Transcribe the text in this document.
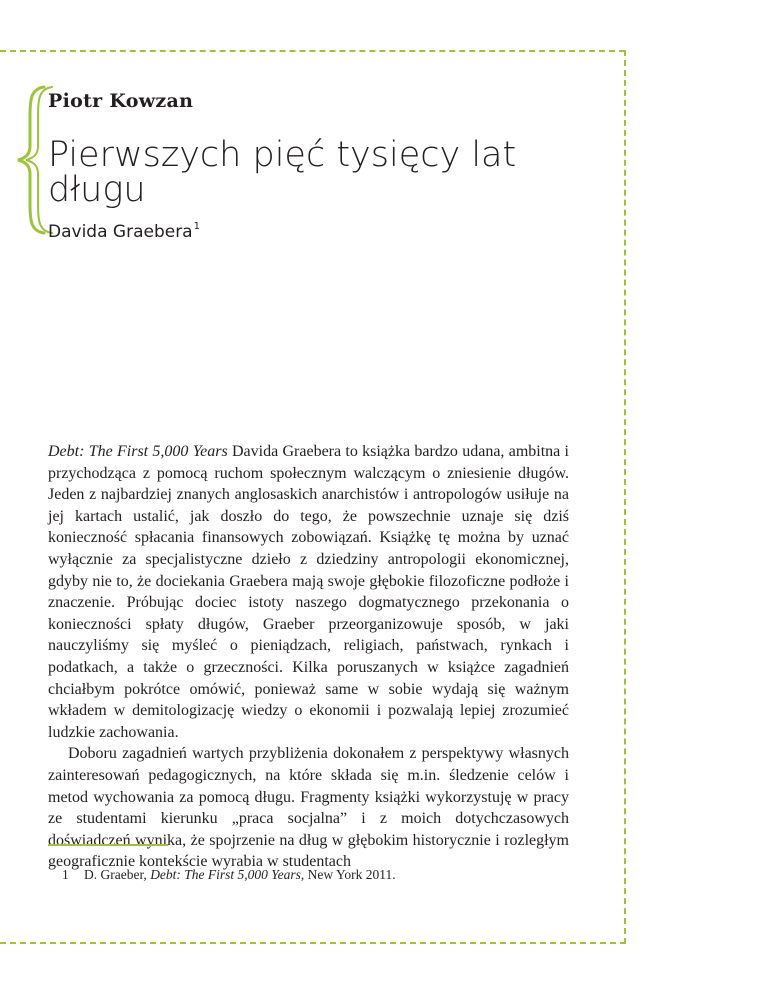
Piotr Kowzan
Pierwszych pięć tysięcy lat długu
Davida Graebera$^1$

Debt: The First 5,000 Years Davida Graebera to książka bardzo udana, ambitna i przychodząca z pomocą ruchom społecznym walczącym o zniesienie długów. Jeden z najbardziej znanych anglosaskich anarchistów i antropologów usiłuje na jej kartach ustalić, jak doszło do tego, że powszechnie uznaje się dziś konieczność spłacania finansowych zobowiązań. Książkę tę można by uznać wyłącznie za specjalistyczne dzieło z dziedziny antropologii ekonomicznej, gdyby nie to, że dociekania Graebera mają swoje głębokie filozoficzne podłoże i znaczenie. Próbując dociec istoty naszego dogmatycznego przekonania o konieczności spłaty długów, Graeber przeorganizowuje sposób, w jaki nauczyliśmy się myśleć o pieniądzach, religiach, państwach, rynkach i podatkach, a także o grzeczności. Kilka poruszanych w książce zagadnień chciałbym pokrótce omówić, ponieważ same w sobie wydają się ważnym wkładem w demitologizację wiedzy o ekonomii i pozwalają lepiej zrozumieć ludzkie zachowania.

Doboru zagadnień wartych przybliżenia dokonałem z perspektywy własnych zainteresowań pedagogicznych, na które składa się m.in. śledzenie celów i metod wychowania za pomocą długu. Fragmenty książki wykorzystuję w pracy ze studentami kierunku „praca socjalna” i z moich dotychczasowych doświadczeń wynika, że spojrzenie na dług w głębokim historycznie i rozległym geograficznie kontekście wyrabia w studentach

1 D. Graeber, Debt: The First 5,000 Years, New York 2011.
